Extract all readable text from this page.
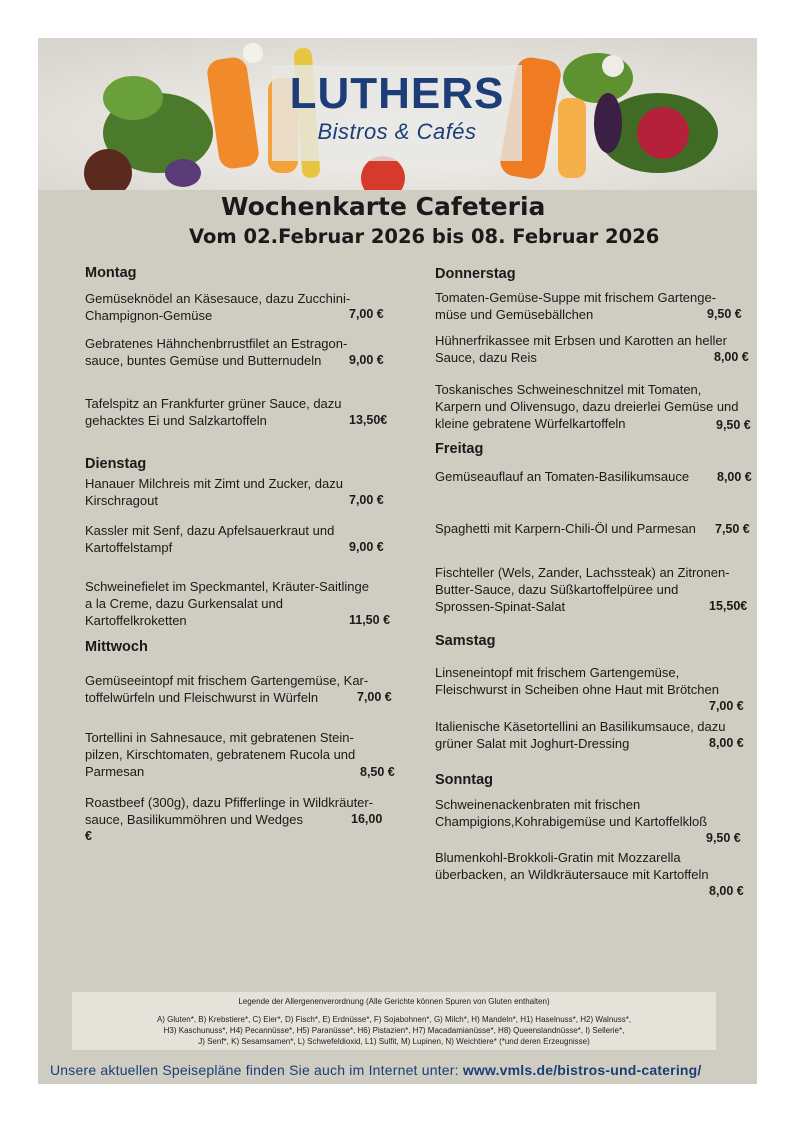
LUTHERS
Bistros & Cafés
Wochenkarte Cafeteria
Vom 02.Februar 2026 bis 08. Februar 2026
Montag
Gemüseknödel an Käsesauce, dazu Zucchini-
Champignon-Gemüse	7,00 €
Gebratenes Hähnchenbrrustfilet an Estragon-
sauce, buntes Gemüse und Butternudeln	9,00 €
Tafelspitz an Frankfurter grüner Sauce, dazu
gehacktes Ei und Salzkartoffeln	13,50€
Dienstag
Hanauer Milchreis mit Zimt und Zucker, dazu
Kirschragout	7,00 €
Kassler mit Senf, dazu Apfelsauerkraut und
Kartoffelstampf	9,00 €
Schweinefielet im Speckmantel, Kräuter-Saitlinge
a la Creme, dazu Gurkensalat und
Kartoffelkroketten	11,50 €
Mittwoch
Gemüseeintopf mit frischem Gartengemüse, Kar-
toffelwürfeln und Fleischwurst in Würfeln	7,00 €
Tortellini in Sahnesauce, mit gebratenen Stein-
pilzen, Kirschtomaten, gebratenem Rucola und
Parmesan	8,50 €
Roastbeef (300g), dazu Pfifferlinge in Wildkräuter-
sauce, Basilikummöhren und Wedges	16,00
€
Donnerstag
Tomaten-Gemüse-Suppe mit frischem Gartenge-
müse und Gemüsebällchen	9,50 €
Hühnerfrikassee mit Erbsen und Karotten an heller
Sauce, dazu Reis	8,00 €
Toskanisches Schweineschnitzel mit Tomaten,
Karpern und Olivensugo, dazu dreierlei Gemüse und
kleine gebratene Würfelkartoffeln	9,50 €
Freitag
Gemüseauflauf an Tomaten-Basilikumsauce	8,00 €
Spaghetti mit Karpern-Chili-Öl und Parmesan	7,50 €
Fischteller (Wels, Zander, Lachssteak) an Zitronen-
Butter-Sauce, dazu Süßkartoffelpüree und
Sprossen-Spinat-Salat	15,50€
Samstag
Linseneintopf mit frischem Gartengemüse,
Fleischwurst in Scheiben ohne Haut mit Brötchen
7,00 €
Italienische Käsetortellini an Basilikumsauce, dazu
grüner Salat mit Joghurt-Dressing	8,00 €
Sonntag
Schweinenackenbraten mit frischen
Champigions,Kohrabigemüse und Kartoffelkloß
9,50 €
Blumenkohl-Brokkoli-Gratin mit Mozzarella
überbacken, an Wildkräutersauce mit Kartoffeln
8,00 €
Legende der Allergenenverordnung (Alle Gerichte können Spuren von Gluten enthalten)
A) Gluten*, B) Krebstiere*, C) Eier*, D) Fisch*, E) Erdnüsse*, F) Sojabohnen*, G) Milch*, H) Mandeln*, H1) Haselnuss*, H2) Walnuss*,
H3) Kaschunuss*, H4) Pecannüsse*, H5) Paranüsse*, H6) Pistazien*, H7) Macadamianüsse*, H8) Queenslandnüsse*, I) Sellerie*,
J) Senf*, K) Sesamsamen*, L) Schwefeldioxid, L1) Sulfit, M) Lupinen, N) Weichtiere* (*und deren Erzeugnisse)
Unsere aktuellen Speisepläne finden Sie auch im Internet unter: www.vmls.de/bistros-und-catering/
